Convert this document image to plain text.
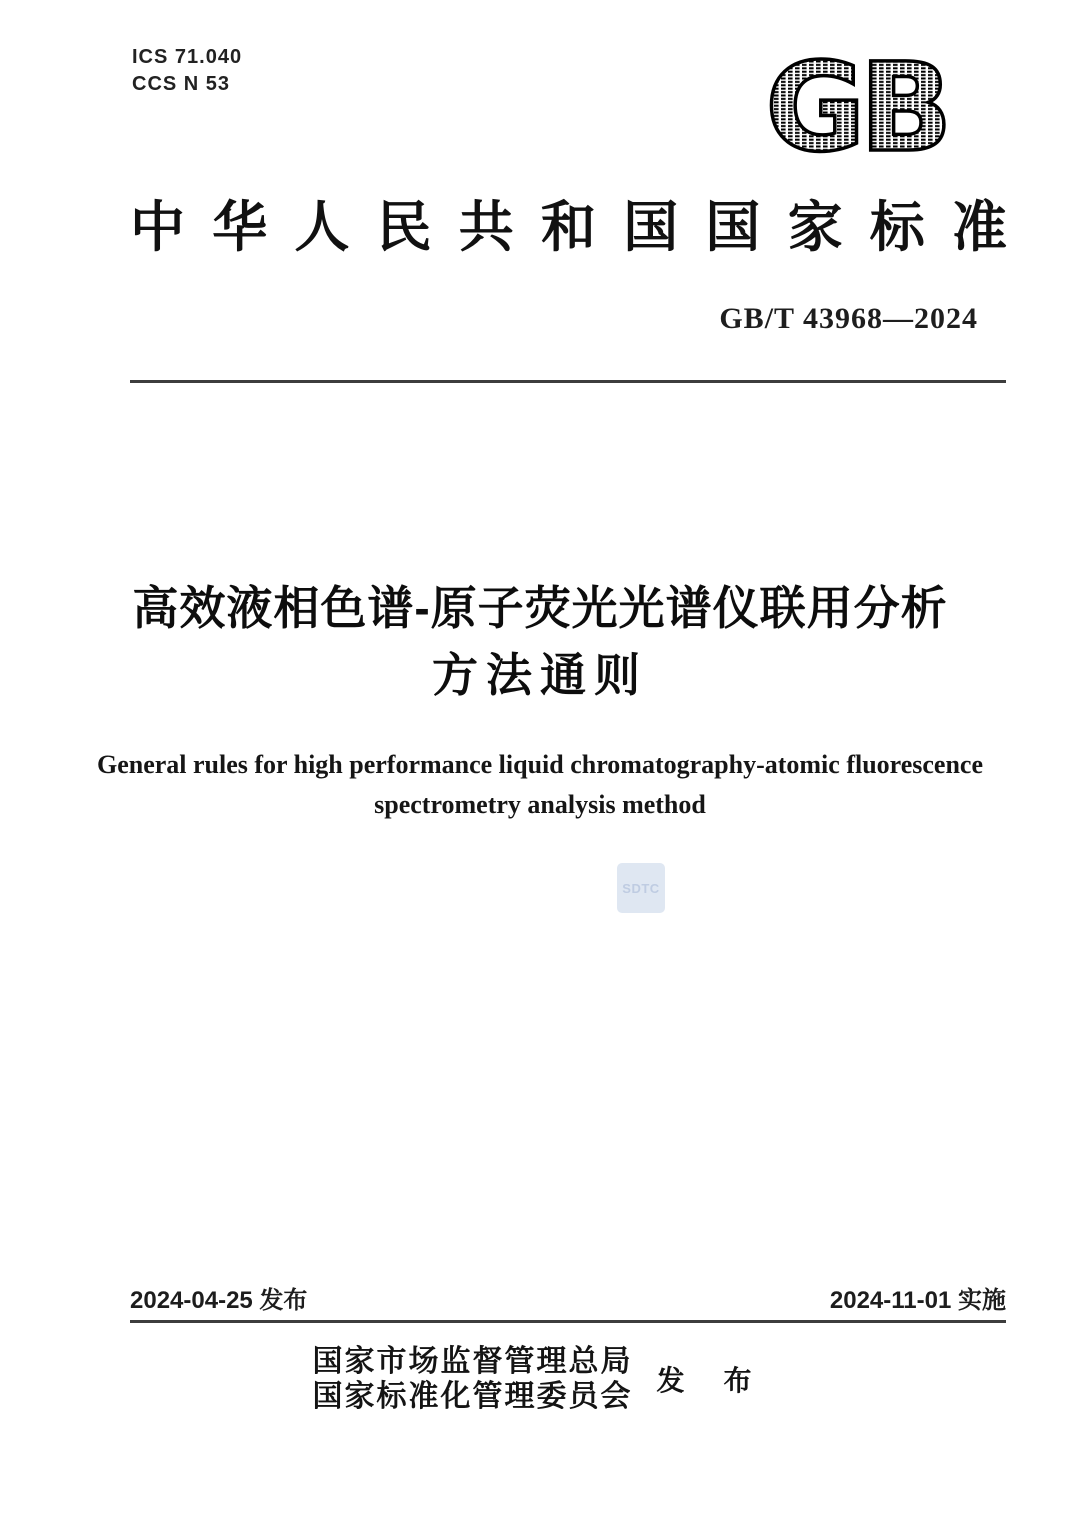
ICS 71.040
CCS N 53	GB
中华人民共和国国家标准
GB/T 43968—2024
高效液相色谱-原子荧光光谱仪联用分析
方法通则
General rules for high performance liquid chromatography-atomic fluorescence
spectrometry analysis method
SDTC
2024-04-25 发布	2024-11-01 实施
国家市场监督管理总局
国家标准化管理委员会 发 布
